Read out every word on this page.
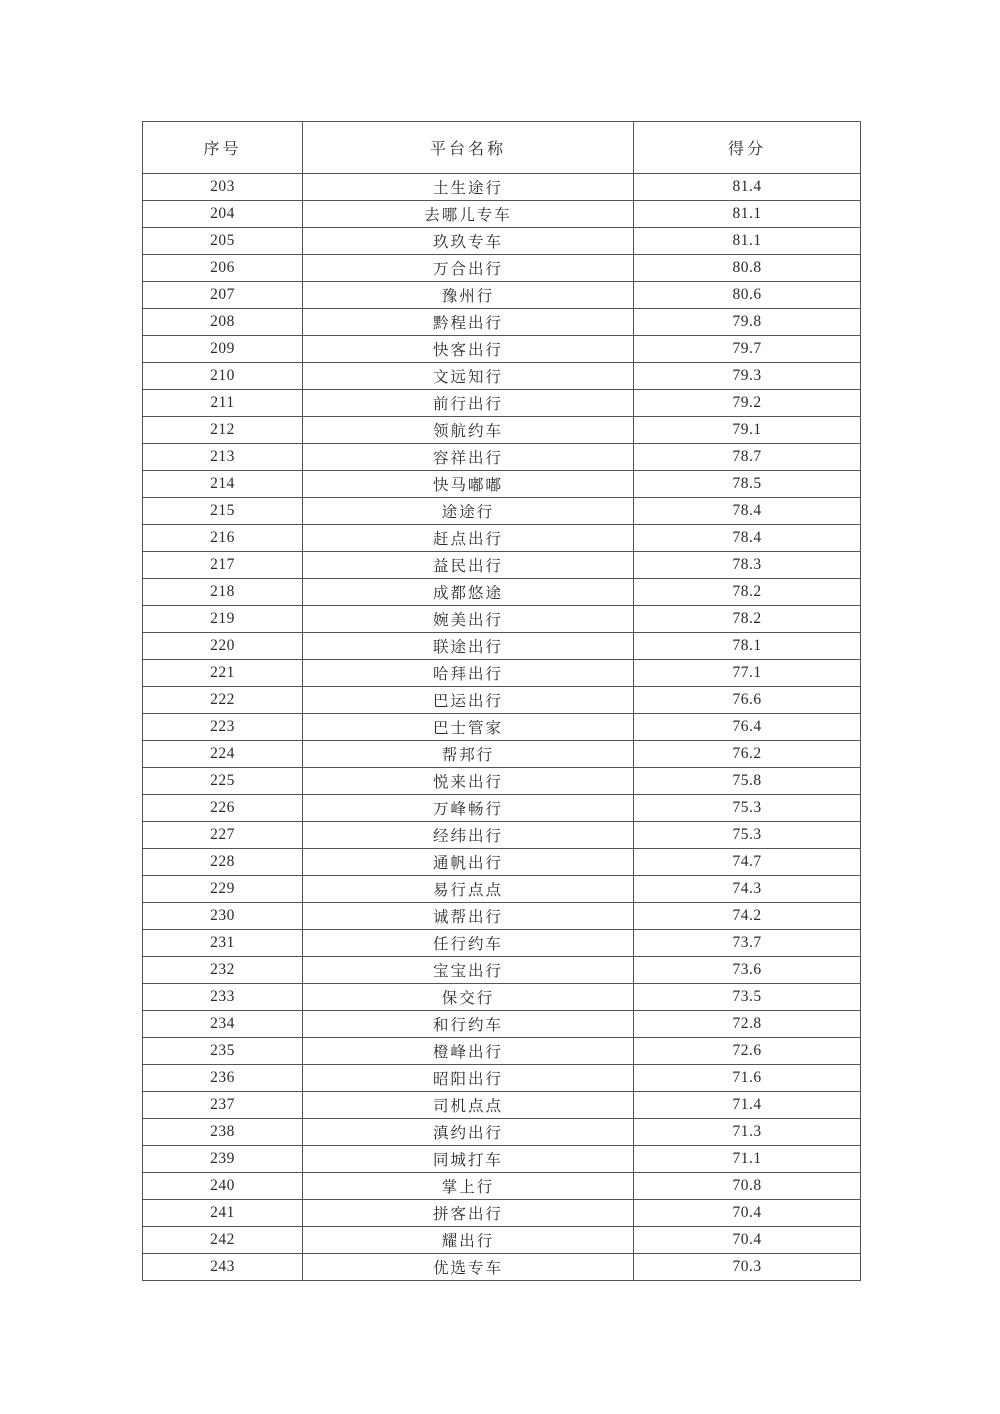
序号	平台名称	得分
203	土生途行	81.4
204	去哪儿专车	81.1
205	玖玖专车	81.1
206	万合出行	80.8
207	豫州行	80.6
208	黔程出行	79.8
209	快客出行	79.7
210	文远知行	79.3
211	前行出行	79.2
212	领航约车	79.1
213	容祥出行	78.7
214	快马嘟嘟	78.5
215	途途行	78.4
216	赶点出行	78.4
217	益民出行	78.3
218	成都悠途	78.2
219	婉美出行	78.2
220	联途出行	78.1
221	哈拜出行	77.1
222	巴运出行	76.6
223	巴士管家	76.4
224	帮邦行	76.2
225	悦来出行	75.8
226	万峰畅行	75.3
227	经纬出行	75.3
228	通帆出行	74.7
229	易行点点	74.3
230	诚帮出行	74.2
231	任行约车	73.7
232	宝宝出行	73.6
233	保交行	73.5
234	和行约车	72.8
235	橙峰出行	72.6
236	昭阳出行	71.6
237	司机点点	71.4
238	滇约出行	71.3
239	同城打车	71.1
240	掌上行	70.8
241	拼客出行	70.4
242	耀出行	70.4
243	优选专车	70.3
